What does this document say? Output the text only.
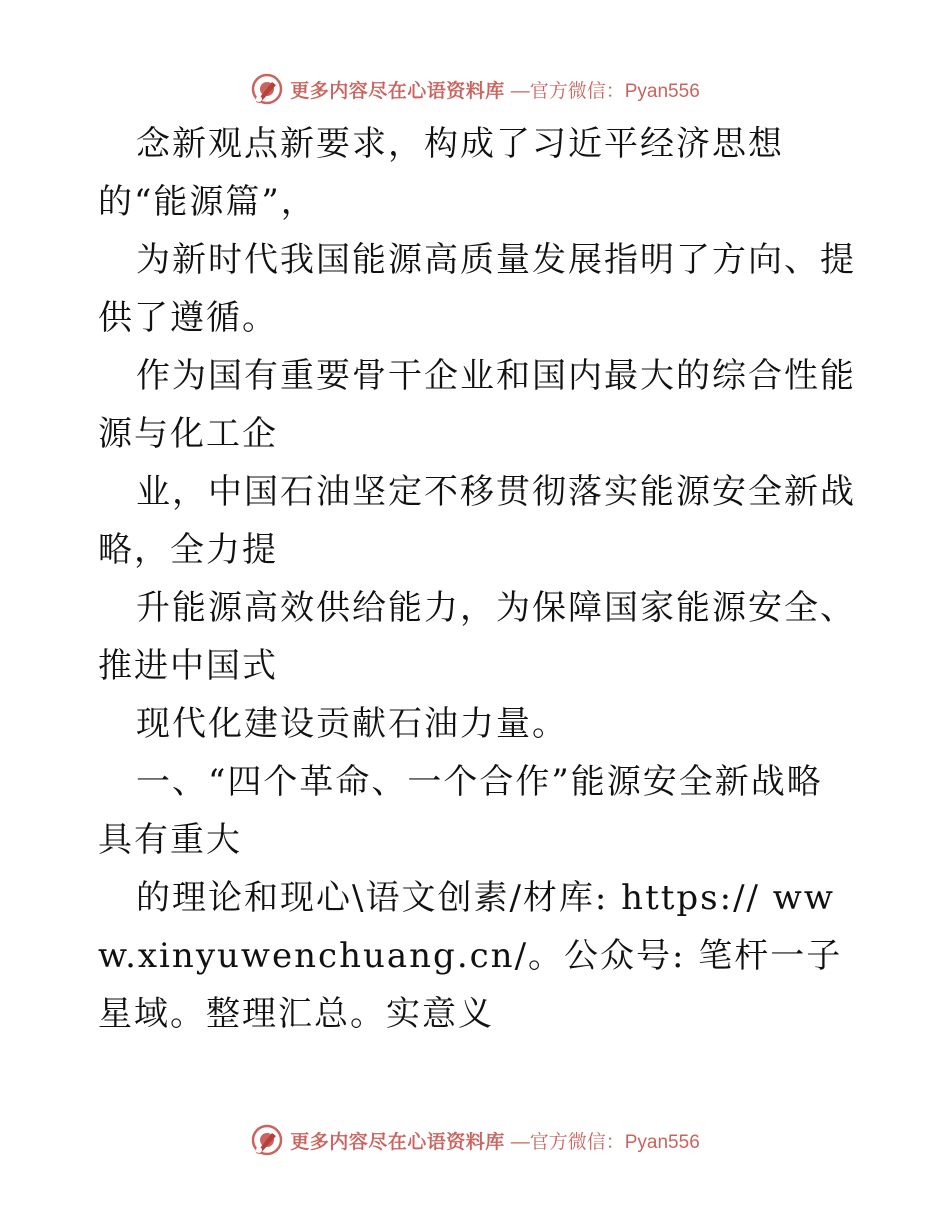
更多内容尽在心语资料库 —官方微信：Pyan556

念新观点新要求，构成了习近平经济思想的“能源篇”，

为新时代我国能源高质量发展指明了方向、提供了遵循。

作为国有重要骨干企业和国内最大的综合性能源与化工企

业，中国石油坚定不移贯彻落实能源安全新战略，全力提

升能源高效供给能力，为保障国家能源安全、推进中国式

现代化建设贡献石油力量。

一、“四个革命、一个合作”能源安全新战略具有重大

的理论和现心\语文创素/材库: https:// www.xinyuwenchuang.cn/。公众号: 笔杆一子星域。整理汇总。实意义

更多内容尽在心语资料库 —官方微信：Pyan556
